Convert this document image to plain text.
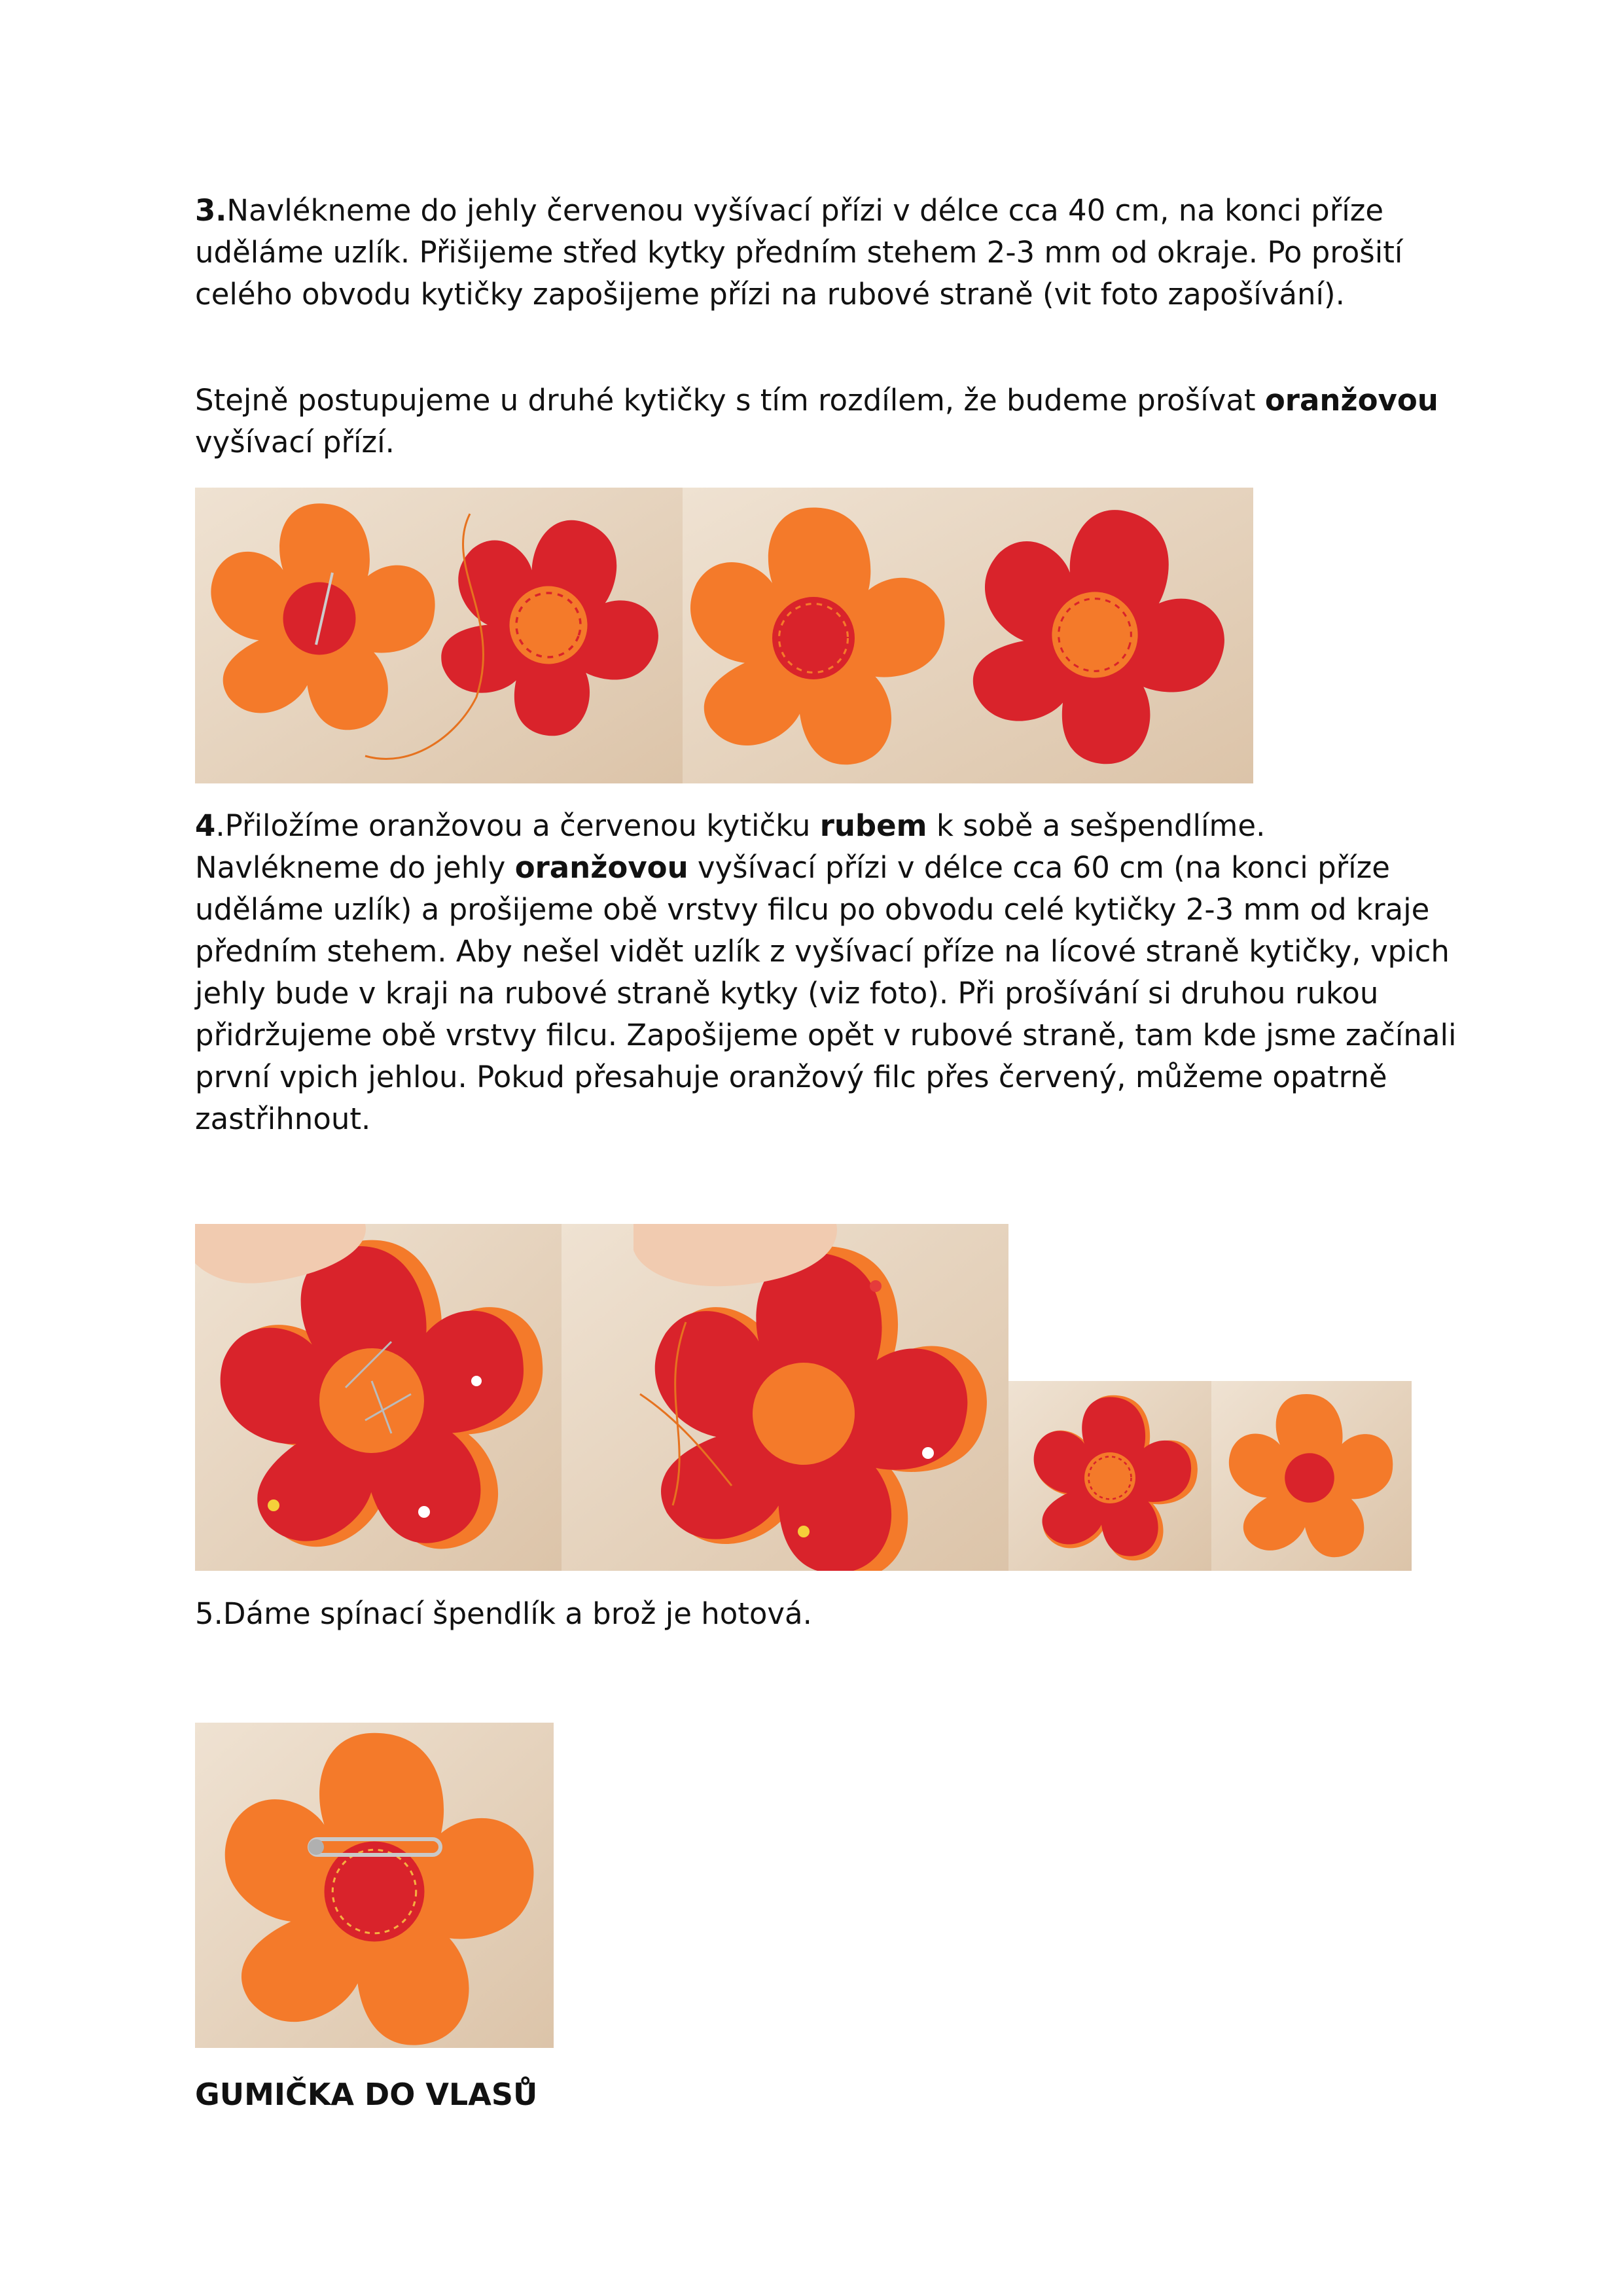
3.Navlékneme do jehly červenou vyšívací přízi v délce cca 40 cm, na konci příze uděláme uzlík. Přišijeme střed kytky předním stehem 2-3 mm od okraje. Po prošití celého obvodu kytičky zapošijeme přízi na rubové straně (vit foto zapošívání).

Stejně postupujeme u druhé kytičky s tím rozdílem, že budeme prošívat oranžovou vyšívací přízí.

4.Přiložíme oranžovou a červenou kytičku rubem k sobě a sešpendlíme. Navlékneme do jehly oranžovou vyšívací přízi v délce cca 60 cm (na konci příze uděláme uzlík) a prošijeme obě vrstvy filcu po obvodu celé kytičky 2-3 mm od kraje předním stehem. Aby nešel vidět uzlík z vyšívací příze na lícové straně kytičky, vpich jehly bude v kraji na rubové straně kytky (viz foto). Při prošívání si druhou rukou přidržujeme obě vrstvy filcu. Zapošijeme opět v rubové straně, tam kde jsme začínali první vpich jehlou. Pokud přesahuje oranžový filc přes červený, můžeme opatrně zastřihnout.

5.Dáme spínací špendlík a brož je hotová.

GUMIČKA DO VLASŮ
